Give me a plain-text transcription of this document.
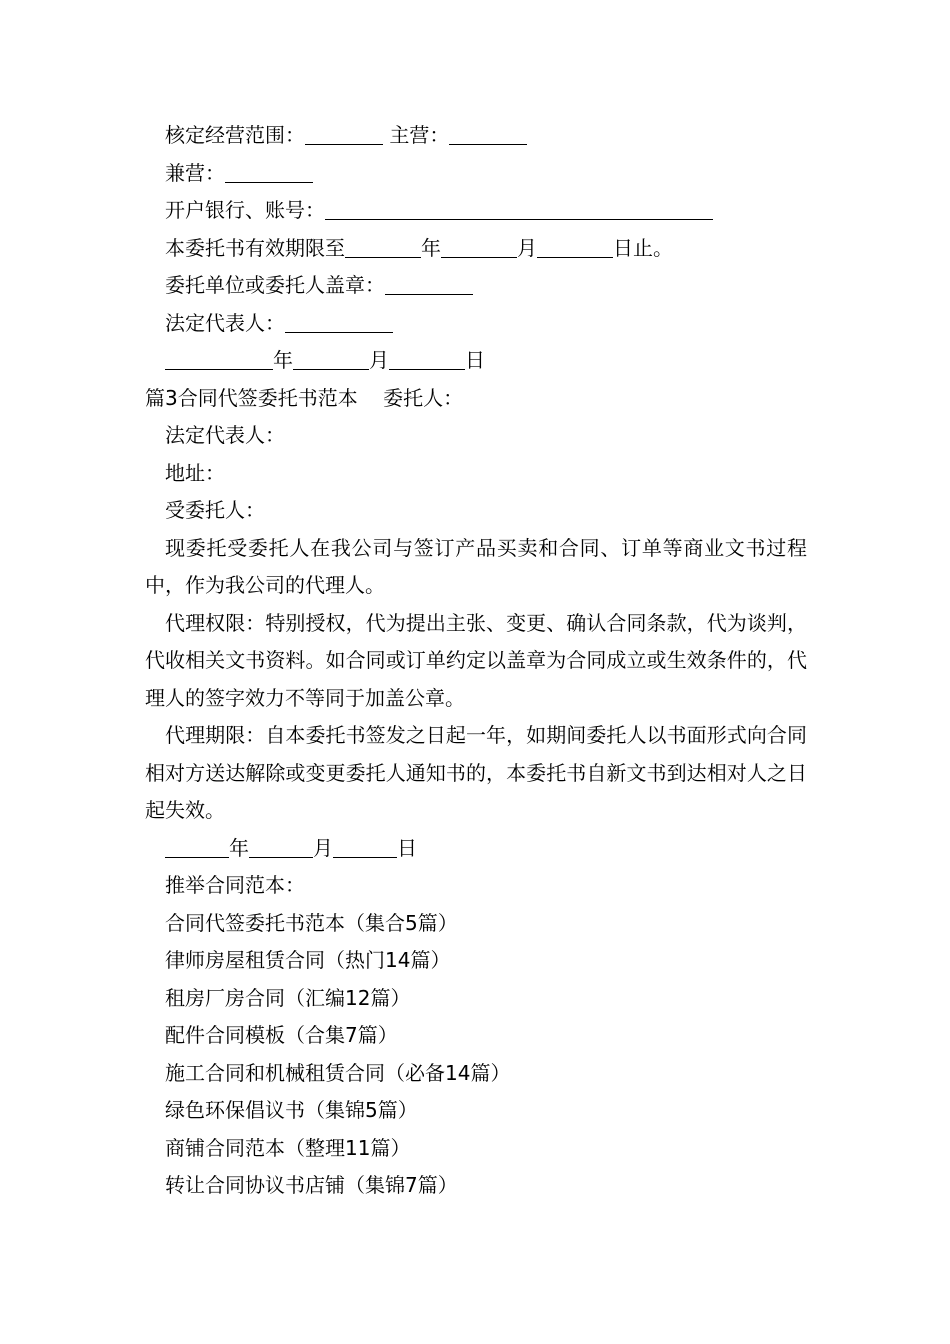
核定经营范围：	主营：
兼营：
开户银行、账号：
本委托书有效期限至	年	月	日止。
委托单位或委托人盖章：
法定代表人：
年	月	日
篇3合同代签委托书范本 委托人：
法定代表人：
地址：
受委托人：
现委托受委托人在我公司与签订产品买卖和合同、订单等商业文书过程中，作为我公司的代理人。
代理权限：特别授权，代为提出主张、变更、确认合同条款，代为谈判，代收相关文书资料。如合同或订单约定以盖章为合同成立或生效条件的，代理人的签字效力不等同于加盖公章。
代理期限：自本委托书签发之日起一年，如期间委托人以书面形式向合同相对方送达解除或变更委托人通知书的，本委托书自新文书到达相对人之日起失效。
年	月	日
推举合同范本：
合同代签委托书范本（集合5篇）
律师房屋租赁合同（热门14篇）
租房厂房合同（汇编12篇）
配件合同模板（合集7篇）
施工合同和机械租赁合同（必备14篇）
绿色环保倡议书（集锦5篇）
商铺合同范本（整理11篇）
转让合同协议书店铺（集锦7篇）
